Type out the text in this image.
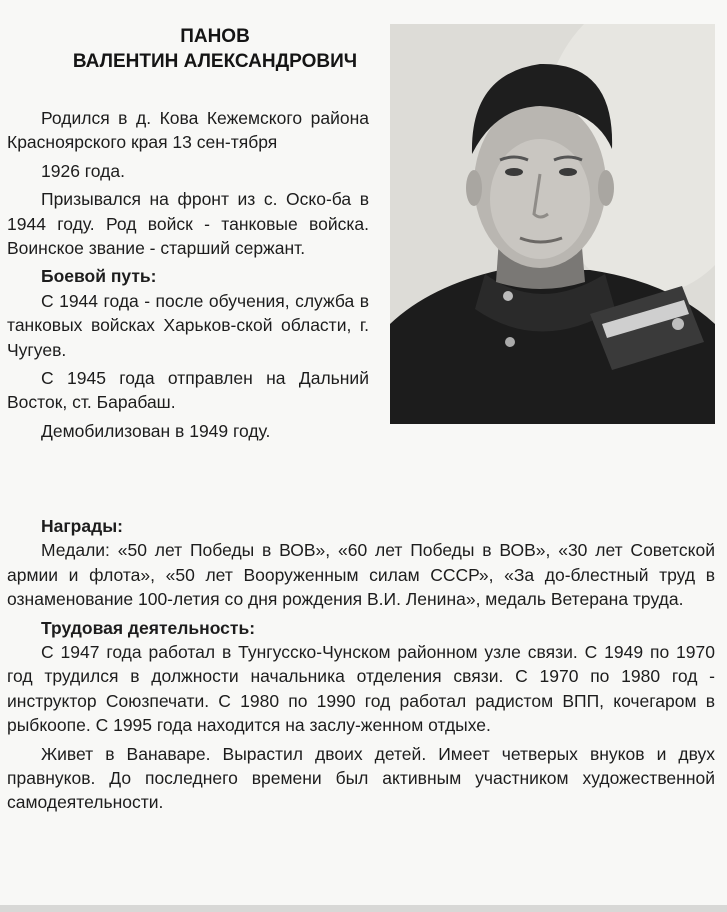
ПАНОВ
ВАЛЕНТИН АЛЕКСАНДРОВИЧ

Родился в д. Кова Кежемского района Красноярского края 13 сен-тября

1926 года.

Призывался на фронт из с. Оско-ба в 1944 году. Род войск - танковые войска. Воинское звание - старший сержант.

Боевой путь:

С 1944 года - после обучения, служба в танковых войсках Харьков-ской области, г. Чугуев.

С 1945 года отправлен на Дальний Восток, ст. Барабаш.

Демобилизован в 1949 году.

Награды:

Медали: «50 лет Победы в ВОВ», «60 лет Победы в ВОВ», «30 лет Советской армии и флота», «50 лет Вооруженным силам СССР», «За до-блестный труд в ознаменование 100-летия со дня рождения В.И. Ленина», медаль Ветерана труда.

Трудовая деятельность:

С 1947 года работал в Тунгусско-Чунском районном узле связи. С 1949 по 1970 год трудился в должности начальника отделения связи. С 1970 по 1980 год - инструктор Союзпечати. С 1980 по 1990 год работал радистом ВПП, кочегаром в рыбкоопе. С 1995 года находится на заслу-женном отдыхе.

Живет в Ванаваре. Вырастил двоих детей. Имеет четверых внуков и двух правнуков. До последнего времени был активным участником художественной самодеятельности.
